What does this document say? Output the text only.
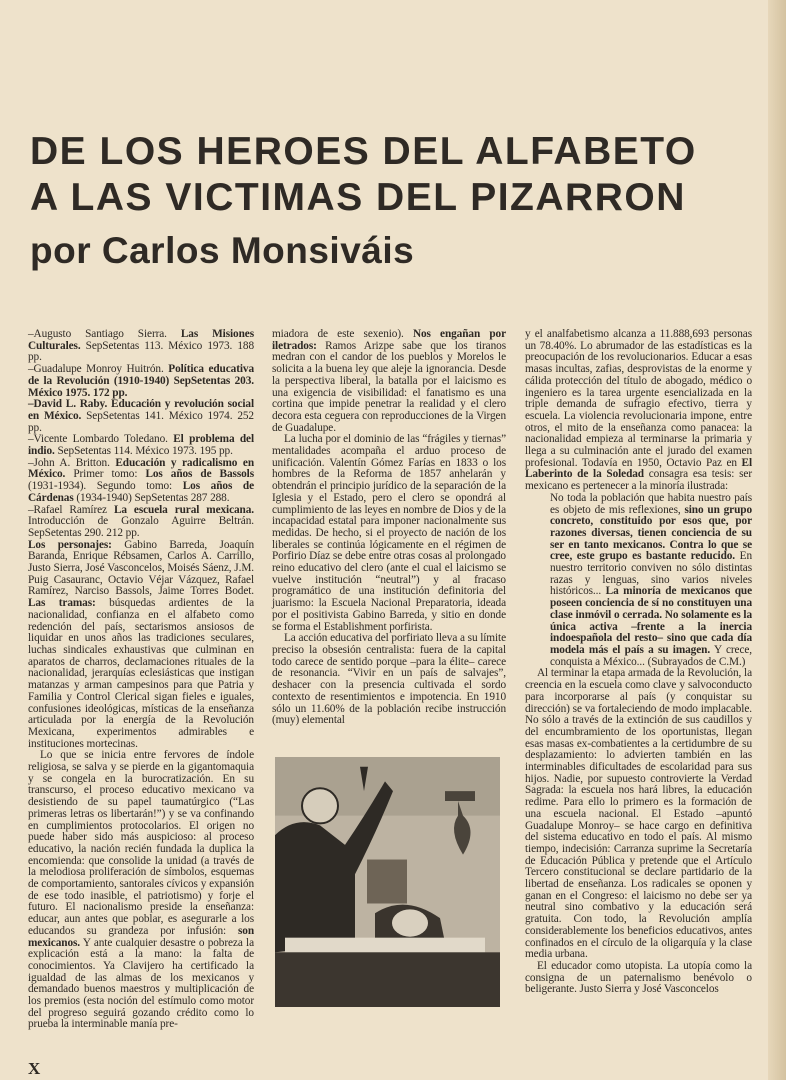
DE LOS HEROES DEL ALFABETO
A LAS VICTIMAS DEL PIZARRON
por Carlos Monsiváis

–Augusto Santiago Sierra. Las Misiones Culturales. SepSetentas 113. México 1973. 188 pp.

–Guadalupe Monroy Huitrón. Política educativa de la Revolución (1910-1940) SepSetentas 203. México 1975. 172 pp.

–David L. Raby. Educación y revolución social en México. SepSetentas 141. México 1974. 252 pp.

–Vicente Lombardo Toledano. El problema del indio. SepSetentas 114. México 1973. 195 pp.

–John A. Britton. Educación y radicalismo en México. Primer tomo: Los años de Bassols (1931-1934). Segundo tomo: Los años de Cárdenas (1934-1940) SepSetentas 287 288.

–Rafael Ramírez La escuela rural mexicana. Introducción de Gonzalo Aguirre Beltrán. SepSetentas 290. 212 pp.

Los personajes: Gabino Barreda, Joaquín Baranda, Enrique Rébsamen, Carlos A. Carrillo, Justo Sierra, José Vasconcelos, Moisés Sáenz, J.M. Puig Casauranc, Octavio Véjar Vázquez, Rafael Ramírez, Narciso Bassols, Jaime Torres Bodet. Las tramas: búsquedas ardientes de la nacionalidad, confianza en el alfabeto como redención del país, sectarismos ansiosos de liquidar en unos años las tradiciones seculares, luchas sindicales exhaustivas que culminan en aparatos de charros, declamaciones rituales de la nacionalidad, jerarquías eclesiásticas que instigan matanzas y arman campesinos para que Patria y Familia y Control Clerical sigan fieles e iguales, confusiones ideológicas, místicas de la enseñanza articulada por la energía de la Revolución Mexicana, experimentos admirables e instituciones mortecinas.

Lo que se inicia entre fervores de índole religiosa, se salva y se pierde en la gigantomaquia y se congela en la burocratización. En su transcurso, el proceso educativo mexicano va desistiendo de su papel taumatúrgico (“Las primeras letras os libertarán!”) y se va confinando en cumplimientos protocolarios. El origen no puede haber sido más auspicioso: al proceso educativo, la nación recién fundada la duplica la encomienda: que consolide la unidad (a través de la melodiosa proliferación de símbolos, esquemas de comportamiento, santorales cívicos y expansión de ese todo inasible, el patriotismo) y forje el futuro. El nacionalismo preside la enseñanza: educar, aun antes que poblar, es asegurarle a los educandos su grandeza por infusión: son mexicanos. Y ante cualquier desastre o pobreza la explicación está a la mano: la falta de conocimientos. Ya Clavijero ha certificado la igualdad de las almas de los mexicanos y demandado buenos maestros y multiplicación de los premios (esta noción del estímulo como motor del progreso seguirá gozando crédito como lo prueba la interminable manía pre-

miadora de este sexenio). Nos engañan por iletrados: Ramos Arizpe sabe que los tiranos medran con el candor de los pueblos y Morelos le solicita a la buena ley que aleje la ignorancia. Desde la perspectiva liberal, la batalla por el laicismo es una exigencia de visibilidad: el fanatismo es una cortina que impide penetrar la realidad y el clero decora esta ceguera con reproducciones de la Virgen de Guadalupe.

La lucha por el dominio de las “frágiles y tiernas” mentalidades acompaña el arduo proceso de unificación. Valentín Gómez Farías en 1833 o los hombres de la Reforma de 1857 anhelarán y obtendrán el principio jurídico de la separación de la Iglesia y el Estado, pero el clero se opondrá al cumplimiento de las leyes en nombre de Dios y de la incapacidad estatal para imponer nacionalmente sus medidas. De hecho, si el proyecto de nación de los liberales se continúa lógicamente en el régimen de Porfirio Díaz se debe entre otras cosas al prolongado reino educativo del clero (ante el cual el laicismo se vuelve institución “neutral”) y al fracaso programático de una institución definitoria del juarismo: la Escuela Nacional Preparatoria, ideada por el positivista Gabino Barreda, y sitio en donde se forma el Establishment porfirista.

La acción educativa del porfiriato lleva a su límite preciso la obsesión centralista: fuera de la capital todo carece de sentido porque –para la élite– carece de resonancia. “Vivir en un país de salvajes”, deshacer con la presencia cultivada el sordo contexto de resentimientos e impotencia. En 1910 sólo un 11.60% de la población recibe instrucción (muy) elemental

y el analfabetismo alcanza a 11.888,693 personas un 78.40%. Lo abrumador de las estadísticas es la preocupación de los revolucionarios. Educar a esas masas incultas, zafias, desprovistas de la enorme y cálida protección del título de abogado, médico o ingeniero es la tarea urgente esencializada en la triple demanda de sufragio efectivo, tierra y escuela. La violencia revolucionaria impone, entre otros, el mito de la enseñanza como panacea: la nacionalidad empieza al terminarse la primaria y llega a su culminación ante el jurado del examen profesional. Todavía en 1950, Octavio Paz en El Laberinto de la Soledad consagra esa tesis: ser mexicano es pertenecer a la minoría ilustrada:

No toda la población que habita nuestro país es objeto de mis reflexiones, sino un grupo concreto, constituido por esos que, por razones diversas, tienen conciencia de su ser en tanto mexicanos. Contra lo que se cree, este grupo es bastante reducido. En nuestro territorio conviven no sólo distintas razas y lenguas, sino varios niveles históricos... La minoría de mexicanos que poseen conciencia de sí no constituyen una clase inmóvil o cerrada. No solamente es la única activa –frente a la inercia indoespañola del resto– sino que cada día modela más el país a su imagen. Y crece, conquista a México... (Subrayados de C.M.)

Al terminar la etapa armada de la Revolución, la creencia en la escuela como clave y salvoconducto para incorporarse al país (y conquistar su dirección) se va fortaleciendo de modo implacable. No sólo a través de la extinción de sus caudillos y del encumbramiento de los oportunistas, llegan esas masas ex-combatientes a la certidumbre de su desplazamiento: lo advierten también en las interminables dificultades de escolaridad para sus hijos. Nadie, por supuesto controvierte la Verdad Sagrada: la escuela nos hará libres, la educación redime. Para ello lo primero es la formación de una escuela nacional. El Estado –apuntó Guadalupe Monroy– se hace cargo en definitiva del sistema educativo en todo el país. Al mismo tiempo, indecisión: Carranza suprime la Secretaría de Educación Pública y pretende que el Artículo Tercero constitucional se declare partidario de la libertad de enseñanza. Los radicales se oponen y ganan en el Congreso: el laicismo no debe ser ya neutral sino combativo y la educación será gratuita. Con todo, la Revolución amplía considerablemente los beneficios educativos, antes confinados en el círculo de la oligarquía y la clase media urbana.

El educador como utopista. La utopía como la consigna de un paternalismo benévolo o beligerante. Justo Sierra y José Vasconcelos

X
